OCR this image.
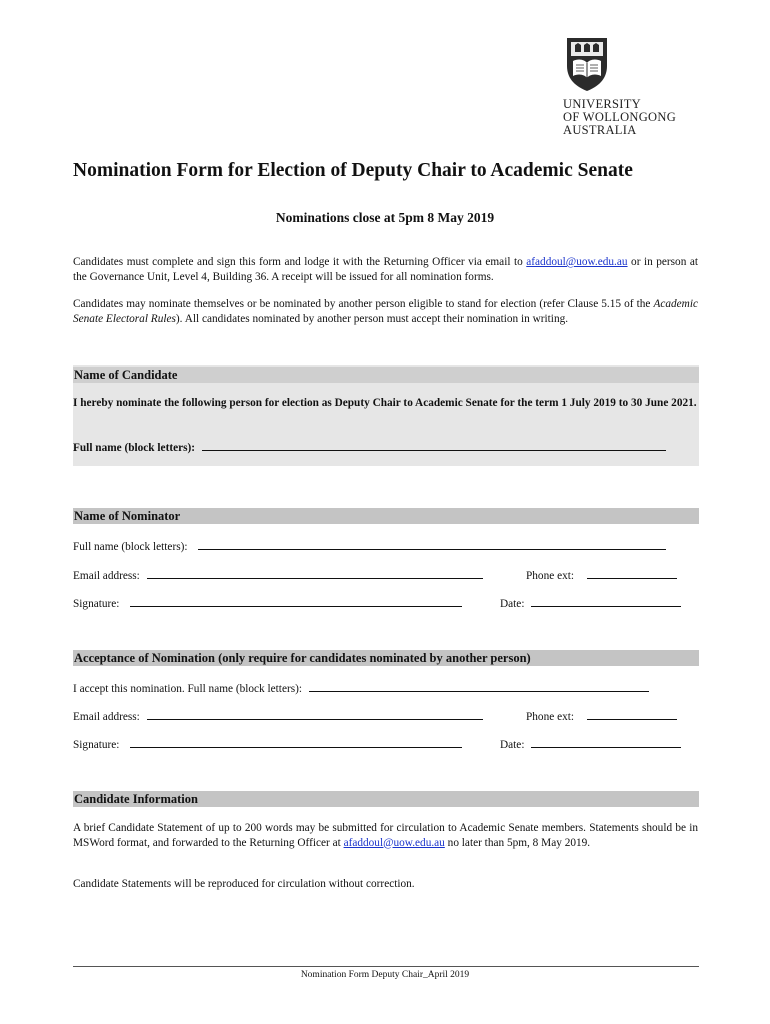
UNIVERSITY
OF WOLLONGONG
AUSTRALIA
Nomination Form for Election of Deputy Chair to Academic Senate
Nominations close at 5pm 8 May 2019
Candidates must complete and sign this form and lodge it with the Returning Officer via email to afaddoul@uow.edu.au or in person at the Governance Unit, Level 4, Building 36. A receipt will be issued for all nomination forms.
Candidates may nominate themselves or be nominated by another person eligible to stand for election (refer Clause 5.15 of the Academic Senate Electoral Rules). All candidates nominated by another person must accept their nomination in writing.
Name of Candidate
I hereby nominate the following person for election as Deputy Chair to Academic Senate for the term 1 July 2019 to 30 June 2021.
Full name (block letters):
Name of Nominator
Full name (block letters):
Email address:	Phone ext:
Signature:	Date:
Acceptance of Nomination (only require for candidates nominated by another person)
I accept this nomination. Full name (block letters):
Email address:	Phone ext:
Signature:	Date:
Candidate Information
A brief Candidate Statement of up to 200 words may be submitted for circulation to Academic Senate members. Statements should be in MSWord format, and forwarded to the Returning Officer at afaddoul@uow.edu.au no later than 5pm, 8 May 2019.
Candidate Statements will be reproduced for circulation without correction.
Nomination Form Deputy Chair_April 2019
